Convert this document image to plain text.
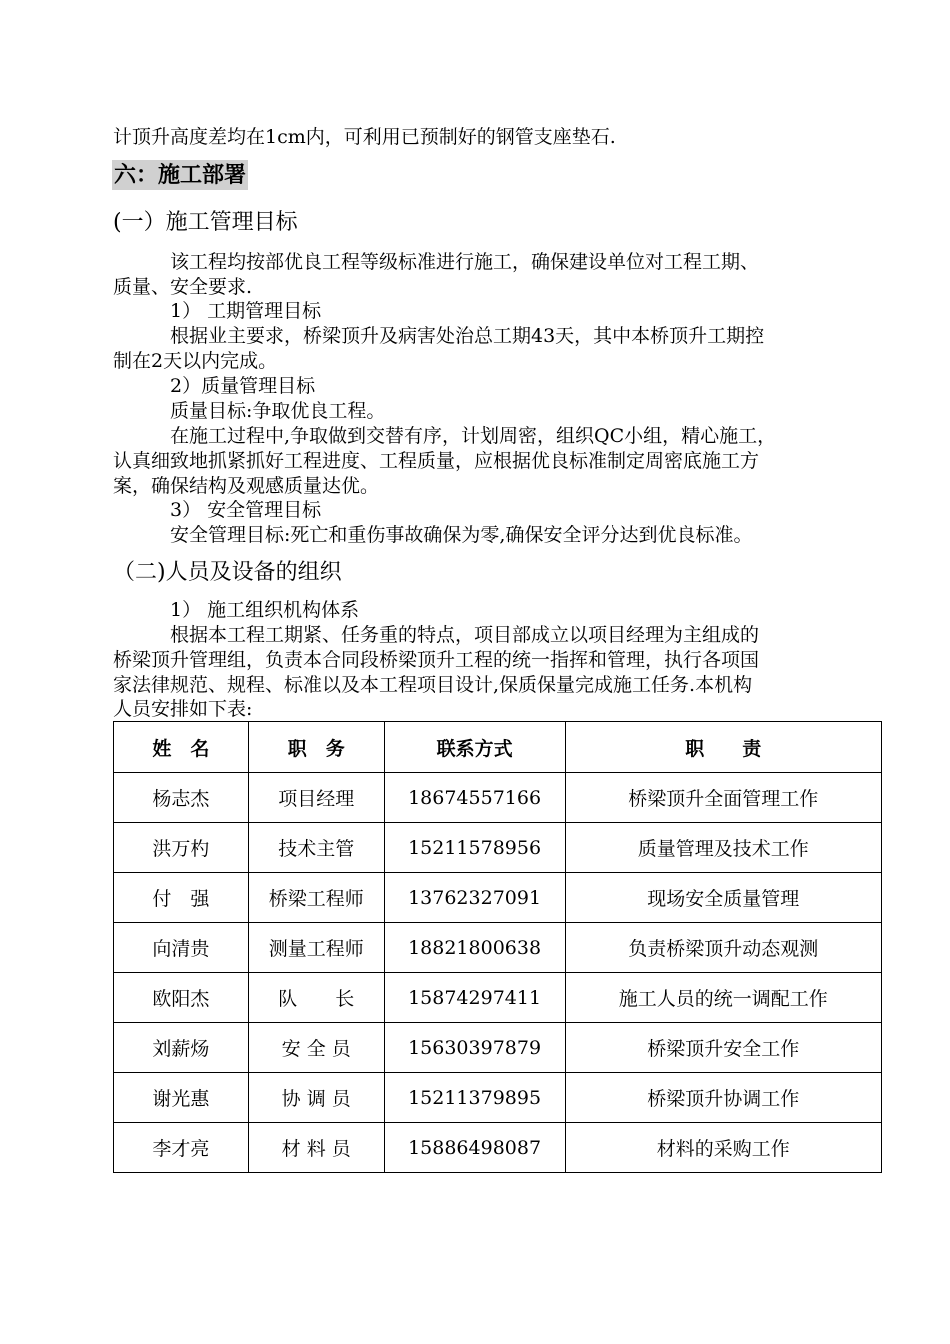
计顶升高度差均在1cm内，可利用已预制好的钢管支座垫石.
六：施工部署
(一）施工管理目标
该工程均按部优良工程等级标准进行施工，确保建设单位对工程工期、
质量、安全要求.
1） 工期管理目标
根据业主要求，桥梁顶升及病害处治总工期43天，其中本桥顶升工期控
制在2天以内完成。
2）质量管理目标
质量目标:争取优良工程。
在施工过程中,争取做到交替有序，计划周密，组织QC小组，精心施工，
认真细致地抓紧抓好工程进度、工程质量，应根据优良标准制定周密底施工方
案，确保结构及观感质量达优。
3） 安全管理目标
安全管理目标:死亡和重伤事故确保为零,确保安全评分达到优良标准。
（二)人员及设备的组织
1） 施工组织机构体系
根据本工程工期紧、任务重的特点，项目部成立以项目经理为主组成的
桥梁顶升管理组，负责本合同段桥梁顶升工程的统一指挥和管理，执行各项国
家法律规范、规程、标准以及本工程项目设计,保质保量完成施工任务.本机构
人员安排如下表:
姓　名	职　务	联系方式	职　　责
杨志杰	项目经理	18674557166	桥梁顶升全面管理工作
洪万杓	技术主管	15211578956	质量管理及技术工作
付　强	桥梁工程师	13762327091	现场安全质量管理
向清贵	测量工程师	18821800638	负责桥梁顶升动态观测
欧阳杰	队　　长	15874297411	施工人员的统一调配工作
刘薪炀	安 全 员	15630397879	桥梁顶升安全工作
谢光惠	协 调 员	15211379895	桥梁顶升协调工作
李才亮	材 料 员	15886498087	材料的采购工作
